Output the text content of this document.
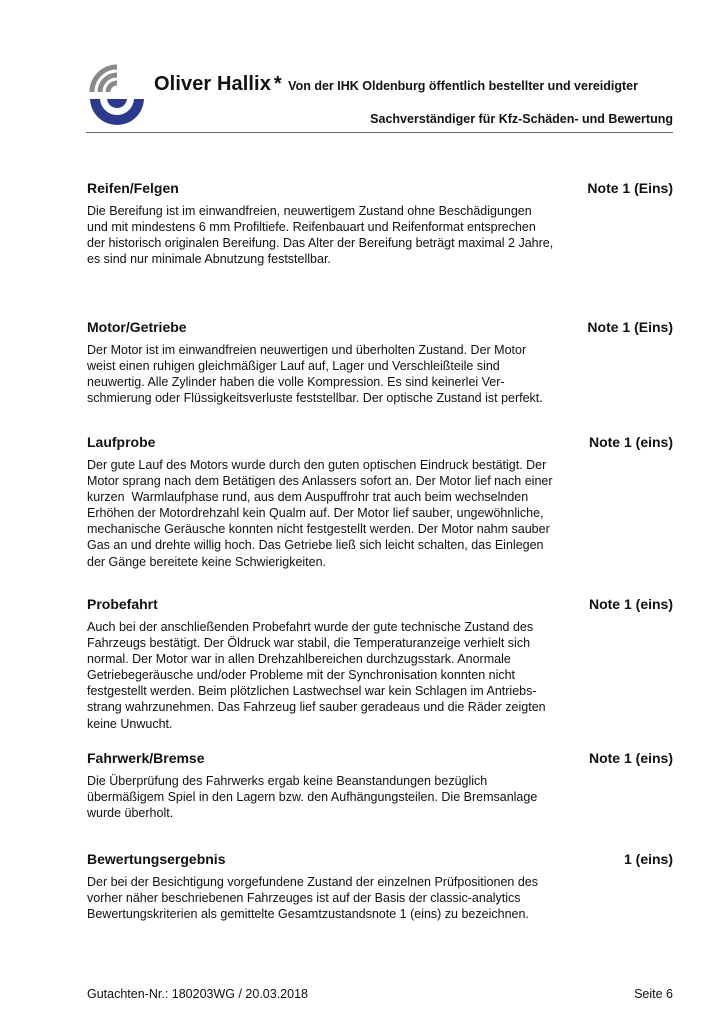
Oliver Hallix * Von der IHK Oldenburg öffentlich bestellter und vereidigter
Sachverständiger für Kfz-Schäden- und Bewertung
Reifen/Felgen	Note 1 (Eins)
Die Bereifung ist im einwandfreien, neuwertigem Zustand ohne Beschädigungen
und mit mindestens 6 mm Profiltiefe. Reifenbauart und Reifenformat entsprechen
der historisch originalen Bereifung. Das Alter der Bereifung beträgt maximal 2 Jahre,
es sind nur minimale Abnutzung feststellbar.
Motor/Getriebe	Note 1 (Eins)
Der Motor ist im einwandfreien neuwertigen und überholten Zustand. Der Motor
weist einen ruhigen gleichmäßiger Lauf auf, Lager und Verschleißteile sind
neuwertig. Alle Zylinder haben die volle Kompression. Es sind keinerlei Ver-
schmierung oder Flüssigkeitsverluste feststellbar. Der optische Zustand ist perfekt.
Laufprobe	Note 1 (eins)
Der gute Lauf des Motors wurde durch den guten optischen Eindruck bestätigt. Der
Motor sprang nach dem Betätigen des Anlassers sofort an. Der Motor lief nach einer
kurzen  Warmlaufphase rund, aus dem Auspuffrohr trat auch beim wechselnden
Erhöhen der Motordrehzahl kein Qualm auf. Der Motor lief sauber, ungewöhnliche,
mechanische Geräusche konnten nicht festgestellt werden. Der Motor nahm sauber
Gas an und drehte willig hoch. Das Getriebe ließ sich leicht schalten, das Einlegen
der Gänge bereitete keine Schwierigkeiten.
Probefahrt	Note 1 (eins)
Auch bei der anschließenden Probefahrt wurde der gute technische Zustand des
Fahrzeugs bestätigt. Der Öldruck war stabil, die Temperaturanzeige verhielt sich
normal. Der Motor war in allen Drehzahlbereichen durchzugsstark. Anormale
Getriebegeräusche und/oder Probleme mit der Synchronisation konnten nicht
festgestellt werden. Beim plötzlichen Lastwechsel war kein Schlagen im Antriebs-
strang wahrzunehmen. Das Fahrzeug lief sauber geradeaus und die Räder zeigten
keine Unwucht.
Fahrwerk/Bremse	Note 1 (eins)
Die Überprüfung des Fahrwerks ergab keine Beanstandungen bezüglich
übermäßigem Spiel in den Lagern bzw. den Aufhängungsteilen. Die Bremsanlage
wurde überholt.
Bewertungsergebnis	1 (eins)
Der bei der Besichtigung vorgefundene Zustand der einzelnen Prüfpositionen des
vorher näher beschriebenen Fahrzeuges ist auf der Basis der classic-analytics
Bewertungskriterien als gemittelte Gesamtzustandsnote 1 (eins) zu bezeichnen.
Gutachten-Nr.: 180203WG / 20.03.2018	Seite 6
